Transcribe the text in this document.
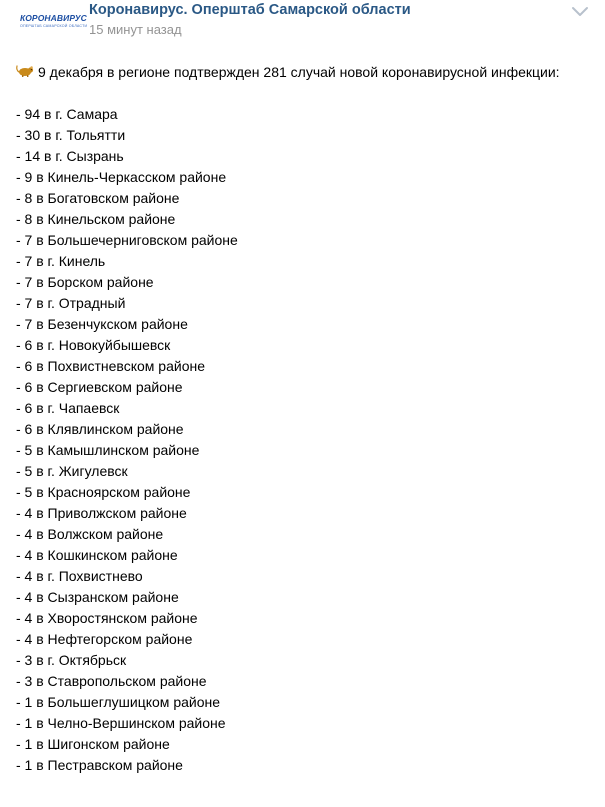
КОРОНАВИРУС
ОПЕРШТАБ САМАРСКОЙ ОБЛАСТИ
Коронавирус. Оперштаб Самарской области
15 минут назад

9 декабря в регионе подтвержден 281 случай новой коронавирусной инфекции:

- 94 в г. Самара
- 30 в г. Тольятти
- 14 в г. Сызрань
- 9 в Кинель-Черкасском районе
- 8 в Богатовском районе
- 8 в Кинельском районе
- 7 в Большечерниговском районе
- 7 в г. Кинель
- 7 в Борском районе
- 7 в г. Отрадный
- 7 в Безенчукском районе
- 6 в г. Новокуйбышевск
- 6 в Похвистневском районе
- 6 в Сергиевском районе
- 6 в г. Чапаевск
- 6 в Клявлинском районе
- 5 в Камышлинском районе
- 5 в г. Жигулевск
- 5 в Красноярском районе
- 4 в Приволжском районе
- 4 в Волжском районе
- 4 в Кошкинском районе
- 4 в г. Похвистнево
- 4 в Сызранском районе
- 4 в Хворостянском районе
- 4 в Нефтегорском районе
- 3 в г. Октябрьск
- 3 в Ставропольском районе
- 1 в Большеглушицком районе
- 1 в Челно-Вершинском районе
- 1 в Шигонском районе
- 1 в Пестравском районе
